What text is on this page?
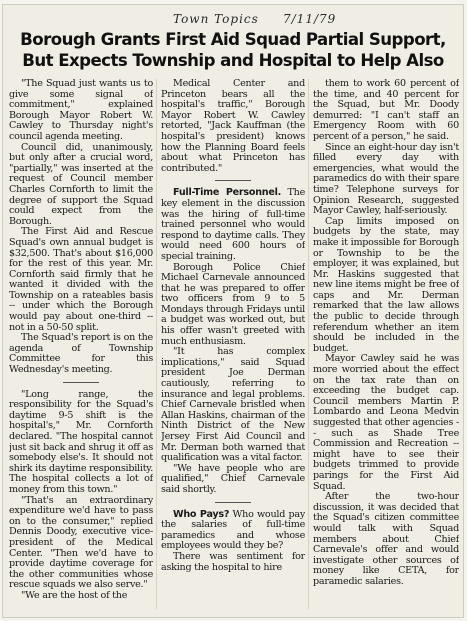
Town Topics 7/11/79
Borough Grants First Aid Squad Partial Support,
But Expects Township and Hospital to Help Also

"The Squad just wants us to give some signal of commitment," explained Borough Mayor Robert W. Cawley to Thursday night's council agenda meeting.

Council did, unanimously, but only after a crucial word, "partially," was inserted at the request of Council member Charles Cornforth to limit the degree of support the Squad could expect from the Borough.

The First Aid and Rescue Squad's own annual budget is $32,500. That's about $16,000 for the rest of this year. Mr. Cornforth said firmly that he wanted it divided with the Township on a rateables basis -- under which the Borough would pay about one-third -- not in a 50-50 split.

The Squad's report is on the agenda of Township Committee for this Wednesday's meeting.

"Long range, the responsibility for the Squad's daytime 9-5 shift is the hospital's," Mr. Cornforth declared. "The hospital cannot just sit back and shrug it off as somebody else's. It should not shirk its daytime responsibility. The hospital collects a lot of money from this town."

"That's an extraordinary expenditure we'd have to pass on to the consumer," replied Dennis Doody, executive vice-president of the Medical Center. "Then we'd have to provide daytime coverage for the other communities whose rescue squads we also serve."

"We are the host of the

Medical Center and Princeton bears all the hospital's traffic," Borough Mayor Robert W. Cawley retorted, "Jack Kauffman (the hospital's president) knows how the Planning Board feels about what Princeton has contributed."

Full-Time Personnel. The key element in the discussion was the hiring of full-time trained personnel who would respond to daytime calls. They would need 600 hours of special training.

Borough Police Chief Michael Carnevale announced that he was prepared to offer two officers from 9 to 5 Mondays through Fridays until a budget was worked out, but his offer wasn't greeted with much enthusiasm.

"It has complex implications," said Squad president Joe Derman cautiously, referring to insurance and legal problems. Chief Carnevale bristled when Allan Haskins, chairman of the Ninth District of the New Jersey First Aid Council and Mr. Derman both warned that qualification was a vital factor.

"We have people who are qualified," Chief Carnevale said shortly.

Who Pays? Who would pay the salaries of full-time paramedics and whose employees would they be?

There was sentiment for asking the hospital to hire

them to work 60 percent of the time, and 40 percent for the Squad, but Mr. Doody demurred: "I can't staff an Emergency Room with 60 percent of a person," he said.

Since an eight-hour day isn't filled every day with emergencies, what would the paramedics do with their spare time? Telephone surveys for Opinion Research, suggested Mayor Cawley, half-seriously.

Cap limits imposed on budgets by the state, may make it impossible for Borough or Township to be the employer, it was explained, but Mr. Haskins suggested that new line items might be free of caps and Mr. Derman remarked that the law allows the public to decide through referendum whether an item should be included in the budget.

Mayor Cawley said he was more worried about the effect on the tax rate than on exceeding the budget cap. Council members Martin P. Lombardo and Leona Medvin suggested that other agencies -- such as Shade Tree Commission and Recreation -- might have to see their budgets trimmed to provide parings for the First Aid Squad.

After the two-hour discussion, it was decided that the Squad's citizen committee would talk with Squad members about Chief Carnevale's offer and would investigate other sources of money like CETA, for paramedic salaries.
